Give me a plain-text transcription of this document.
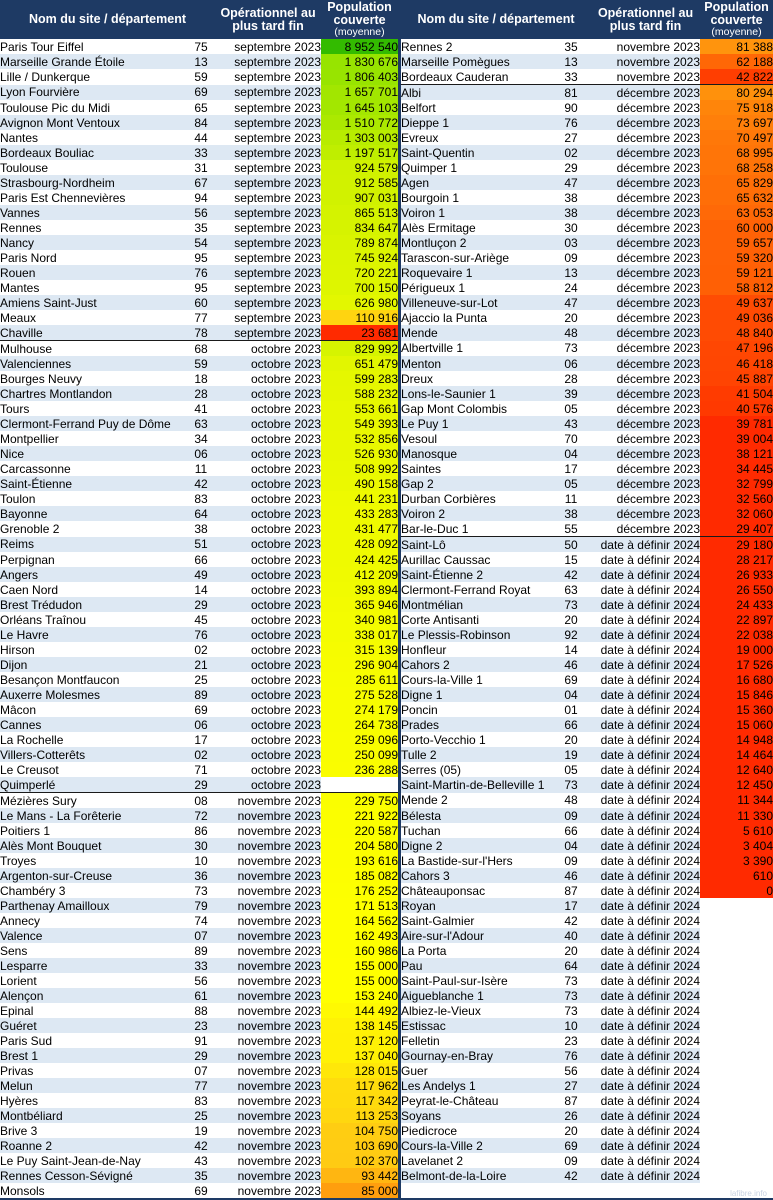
Nom du site / département		Opérationnel au plus tard fin	Population couverte
(moyenne)		Nom du site / département		Opérationnel au plus tard fin	Population couverte
(moyenne)

Paris Tour Eiffel	75	septembre 2023	8 952 540		Rennes 2	35	novembre 2023	81 388
Marseille Grande Étoile	13	septembre 2023	1 830 676		Marseille Pomègues	13	novembre 2023	62 188
Lille / Dunkerque	59	septembre 2023	1 806 403		Bordeaux Cauderan	33	novembre 2023	42 822
Lyon Fourvière	69	septembre 2023	1 657 701		Albi	81	décembre 2023	80 294
Toulouse Pic du Midi	65	septembre 2023	1 645 103		Belfort	90	décembre 2023	75 918
Avignon Mont Ventoux	84	septembre 2023	1 510 772		Dieppe 1	76	décembre 2023	73 697
Nantes	44	septembre 2023	1 303 003		Evreux	27	décembre 2023	70 497
Bordeaux Bouliac	33	septembre 2023	1 197 517		Saint-Quentin	02	décembre 2023	68 995
Toulouse	31	septembre 2023	924 579		Quimper 1	29	décembre 2023	68 258
Strasbourg-Nordheim	67	septembre 2023	912 585		Agen	47	décembre 2023	65 829
Paris Est Chennevières	94	septembre 2023	907 031		Bourgoin 1	38	décembre 2023	65 632
Vannes	56	septembre 2023	865 513		Voiron 1	38	décembre 2023	63 053
Rennes	35	septembre 2023	834 647		Alès Ermitage	30	décembre 2023	60 000
Nancy	54	septembre 2023	789 874		Montluçon 2	03	décembre 2023	59 657
Paris Nord	95	septembre 2023	745 924		Tarascon-sur-Ariège	09	décembre 2023	59 320
Rouen	76	septembre 2023	720 221		Roquevaire 1	13	décembre 2023	59 121
Mantes	95	septembre 2023	700 150		Périgueux 1	24	décembre 2023	58 812
Amiens Saint-Just	60	septembre 2023	626 980		Villeneuve-sur-Lot	47	décembre 2023	49 637
Meaux	77	septembre 2023	110 916		Ajaccio la Punta	20	décembre 2023	49 036
Chaville	78	septembre 2023	23 681		Mende	48	décembre 2023	48 840
Mulhouse	68	octobre 2023	829 992		Albertville 1	73	décembre 2023	47 196
Valenciennes	59	octobre 2023	651 479		Menton	06	décembre 2023	46 418
Bourges Neuvy	18	octobre 2023	599 283		Dreux	28	décembre 2023	45 887
Chartres Montlandon	28	octobre 2023	588 232		Lons-le-Saunier 1	39	décembre 2023	41 504
Tours	41	octobre 2023	553 661		Gap Mont Colombis	05	décembre 2023	40 576
Clermont-Ferrand Puy de Dôme	63	octobre 2023	549 393		Le Puy 1	43	décembre 2023	39 781
Montpellier	34	octobre 2023	532 856		Vesoul	70	décembre 2023	39 004
Nice	06	octobre 2023	526 930		Manosque	04	décembre 2023	38 121
Carcassonne	11	octobre 2023	508 992		Saintes	17	décembre 2023	34 445
Saint-Étienne	42	octobre 2023	490 158		Gap 2	05	décembre 2023	32 799
Toulon	83	octobre 2023	441 231		Durban Corbières	11	décembre 2023	32 560
Bayonne	64	octobre 2023	433 283		Voiron 2	38	décembre 2023	32 060
Grenoble 2	38	octobre 2023	431 477		Bar-le-Duc 1	55	décembre 2023	29 407
Reims	51	octobre 2023	428 092		Saint-Lô	50	date à définir 2024	29 180
Perpignan	66	octobre 2023	424 425		Aurillac Caussac	15	date à définir 2024	28 217
Angers	49	octobre 2023	412 209		Saint-Étienne 2	42	date à définir 2024	26 933
Caen Nord	14	octobre 2023	393 894		Clermont-Ferrand Royat	63	date à définir 2024	26 550
Brest Trédudon	29	octobre 2023	365 946		Montmélian	73	date à définir 2024	24 433
Orléans Traînou	45	octobre 2023	340 981		Corte Antisanti	20	date à définir 2024	22 897
Le Havre	76	octobre 2023	338 017		Le Plessis-Robinson	92	date à définir 2024	22 038
Hirson	02	octobre 2023	315 139		Honfleur	14	date à définir 2024	19 000
Dijon	21	octobre 2023	296 904		Cahors 2	46	date à définir 2024	17 526
Besançon Montfaucon	25	octobre 2023	285 611		Cours-la-Ville 1	69	date à définir 2024	16 680
Auxerre Molesmes	89	octobre 2023	275 528		Digne 1	04	date à définir 2024	15 846
Mâcon	69	octobre 2023	274 179		Poncin	01	date à définir 2024	15 360
Cannes	06	octobre 2023	264 738		Prades	66	date à définir 2024	15 060
La Rochelle	17	octobre 2023	259 096		Porto-Vecchio 1	20	date à définir 2024	14 948
Villers-Cotterêts	02	octobre 2023	250 099		Tulle 2	19	date à définir 2024	14 464
Le Creusot	71	octobre 2023	236 288		Serres (05)	05	date à définir 2024	12 640
Quimperlé	29	octobre 2023			Saint-Martin-de-Belleville 1	73	date à définir 2024	12 450
Mézières Sury	08	novembre 2023	229 750		Mende 2	48	date à définir 2024	11 344
Le Mans - La Forêterie	72	novembre 2023	221 922		Bélesta	09	date à définir 2024	11 330
Poitiers 1	86	novembre 2023	220 587		Tuchan	66	date à définir 2024	5 610
Alès Mont Bouquet	30	novembre 2023	204 580		Digne 2	04	date à définir 2024	3 404
Troyes	10	novembre 2023	193 616		La Bastide-sur-l'Hers	09	date à définir 2024	3 390
Argenton-sur-Creuse	36	novembre 2023	185 082		Cahors 3	46	date à définir 2024	610
Chambéry 3	73	novembre 2023	176 252		Châteauponsac	87	date à définir 2024	0
Parthenay Amailloux	79	novembre 2023	171 513		Royan	17	date à définir 2024	
Annecy	74	novembre 2023	164 562		Saint-Galmier	42	date à définir 2024	
Valence	07	novembre 2023	162 493		Aire-sur-l'Adour	40	date à définir 2024	
Sens	89	novembre 2023	160 986		La Porta	20	date à définir 2024	
Lesparre	33	novembre 2023	155 000		Pau	64	date à définir 2024	
Lorient	56	novembre 2023	155 000		Saint-Paul-sur-Isère	73	date à définir 2024	
Alençon	61	novembre 2023	153 240		Aigueblanche 1	73	date à définir 2024	
Epinal	88	novembre 2023	144 492		Albiez-le-Vieux	73	date à définir 2024	
Guéret	23	novembre 2023	138 145		Estissac	10	date à définir 2024	
Paris Sud	91	novembre 2023	137 120		Felletin	23	date à définir 2024	
Brest 1	29	novembre 2023	137 040		Gournay-en-Bray	76	date à définir 2024	
Privas	07	novembre 2023	128 015		Guer	56	date à définir 2024	
Melun	77	novembre 2023	117 962		Les Andelys 1	27	date à définir 2024	
Hyères	83	novembre 2023	117 342		Peyrat-le-Château	87	date à définir 2024	
Montbéliard	25	novembre 2023	113 253		Soyans	26	date à définir 2024	
Brive 3	19	novembre 2023	104 750		Piedicroce	20	date à définir 2024	
Roanne 2	42	novembre 2023	103 690		Cours-la-Ville 2	69	date à définir 2024	
Le Puy Saint-Jean-de-Nay	43	novembre 2023	102 370		Lavelanet 2	09	date à définir 2024	
Rennes Cesson-Sévigné	35	novembre 2023	93 442		Belmont-de-la-Loire	42	date à définir 2024	
Monsols	69	novembre 2023	85 000						lafibre.info
